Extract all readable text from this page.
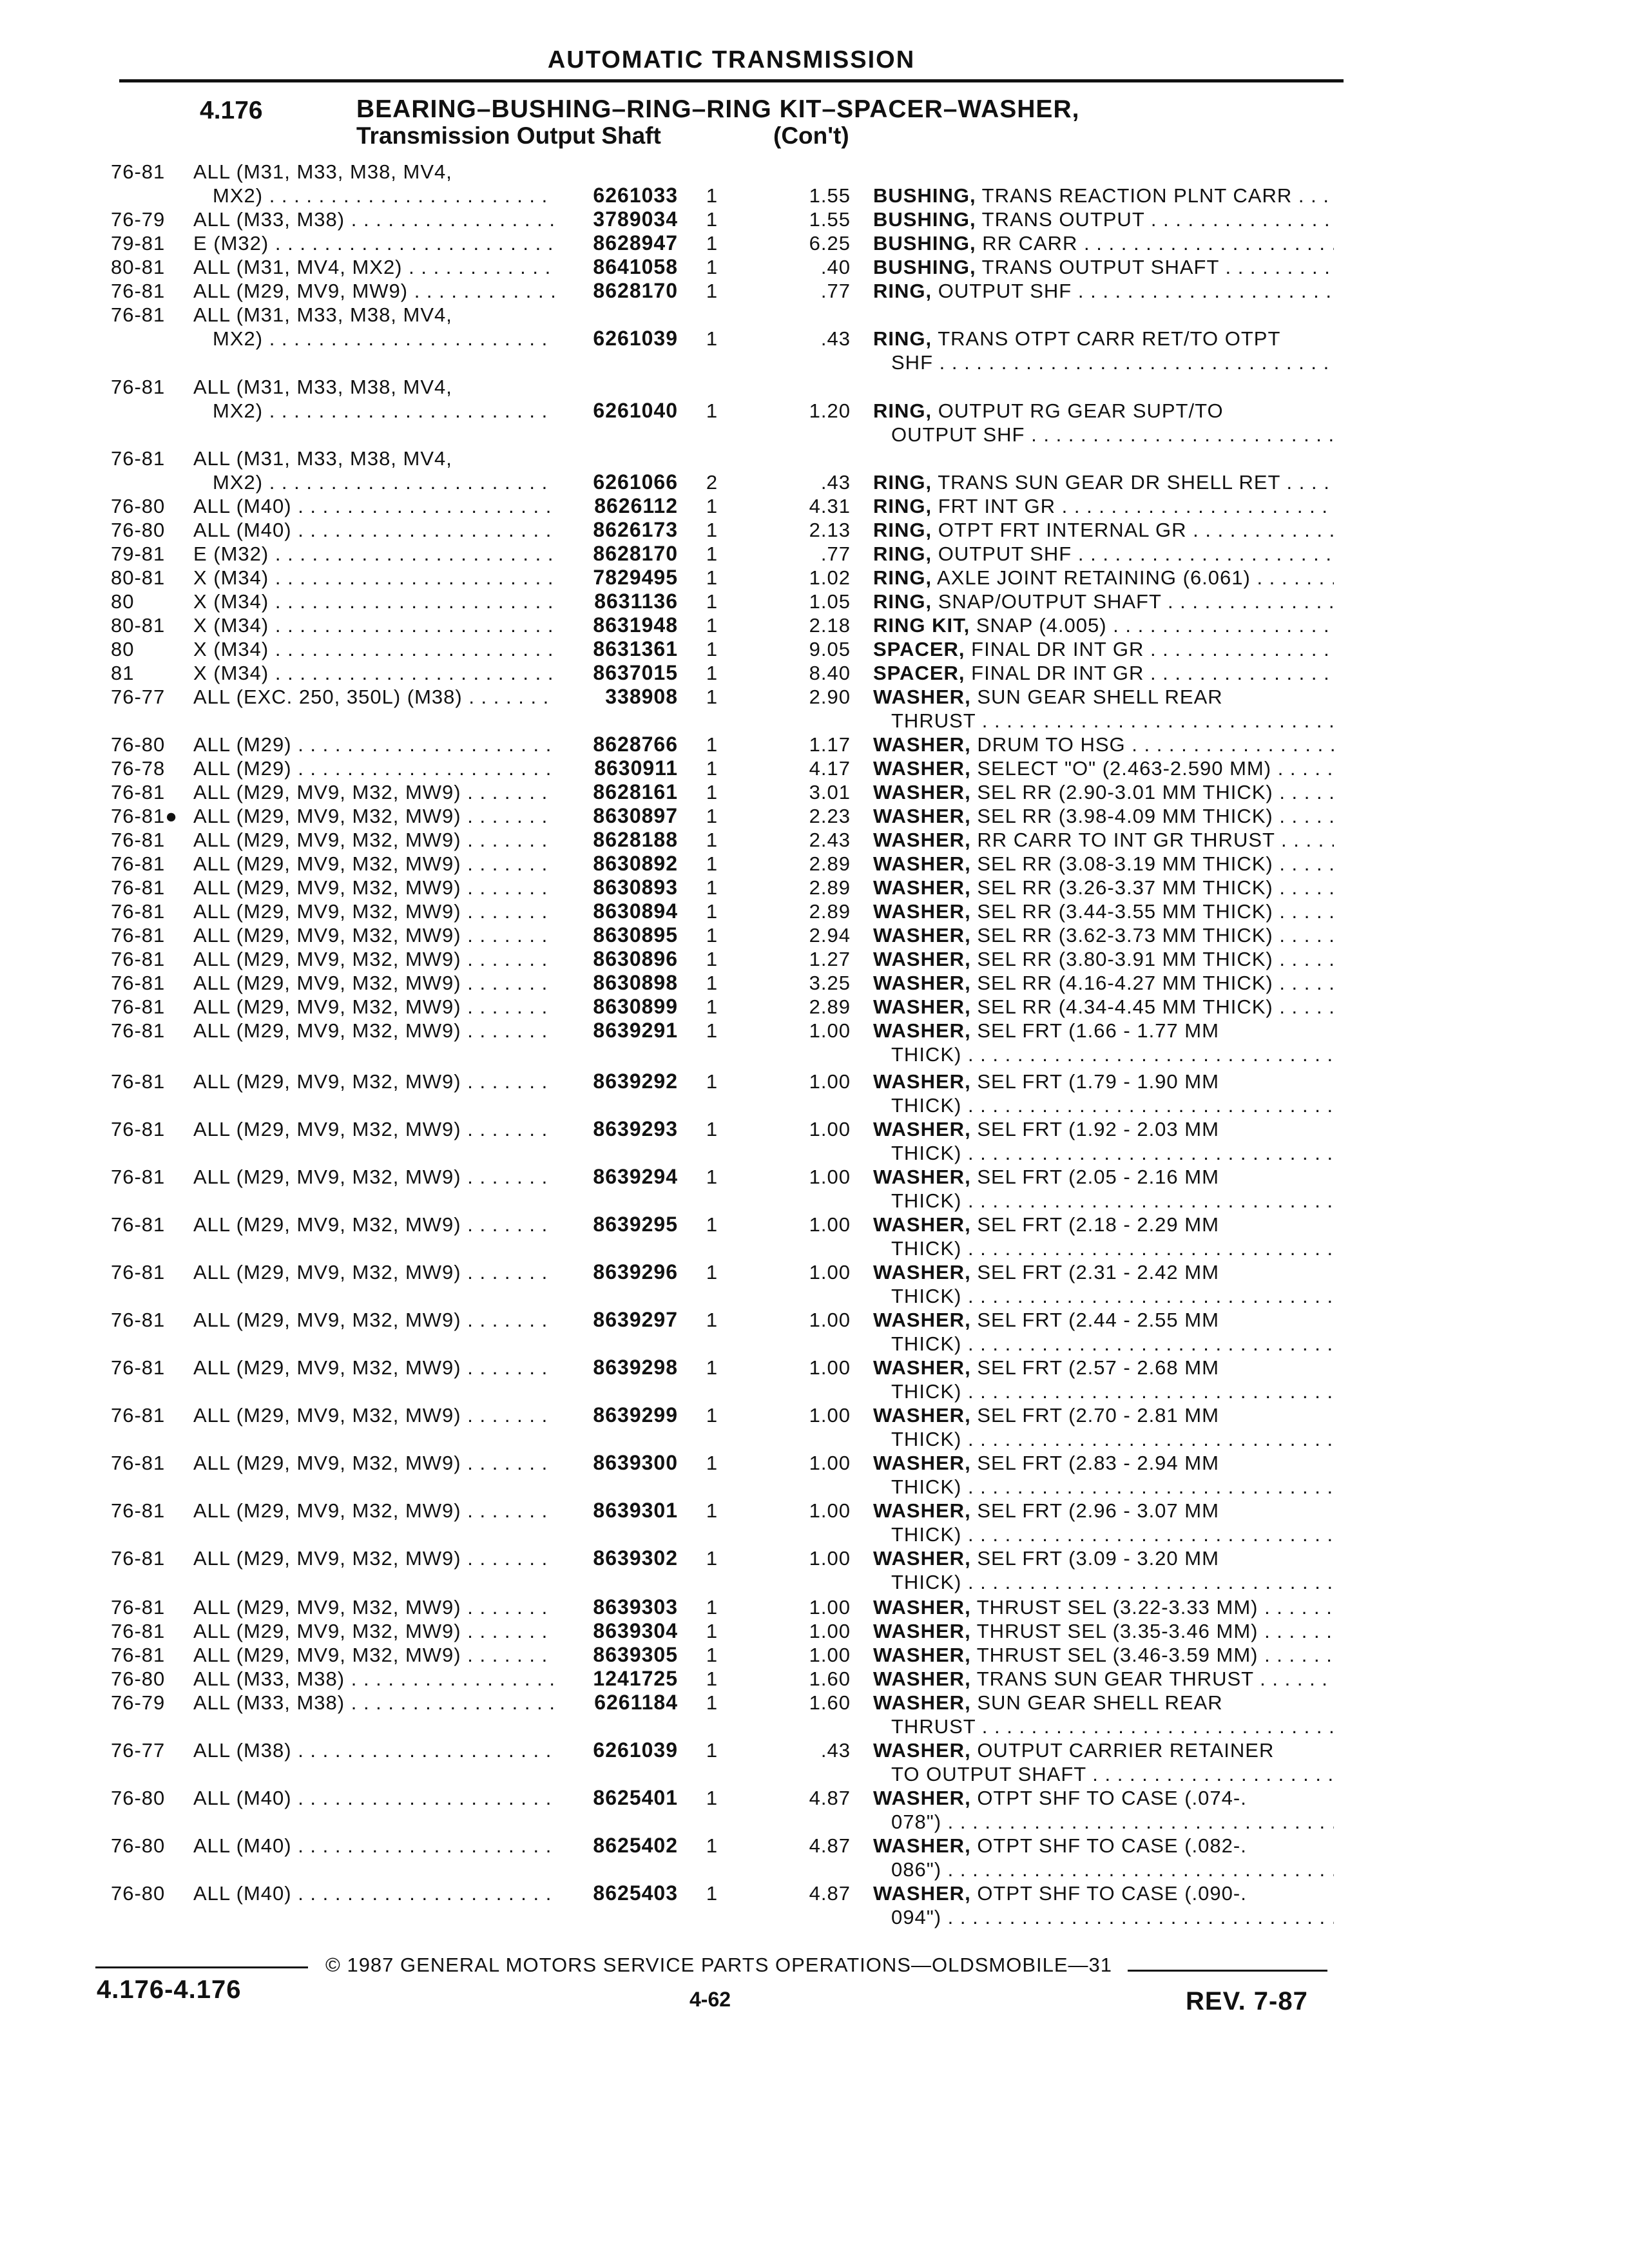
AUTOMATIC TRANSMISSION
4.176	BEARING–BUSHING–RING–RING KIT–SPACER–WASHER,
Transmission Output Shaft	(Con't)
76-81	ALL (M31, M33, M38, MV4,
MX2) . . .	6261033 1	1.55 BUSHING, TRANS REACTION PLNT CARR . . .
76-79	ALL (M33, M38) . . .	3789034 1	1.55 BUSHING, TRANS OUTPUT . . .
79-81	E (M32) . . .	8628947 1	6.25 BUSHING, RR CARR . . .
80-81	ALL (M31, MV4, MX2) . . .	8641058 1	.40 BUSHING, TRANS OUTPUT SHAFT . . .
76-81	ALL (M29, MV9, MW9) . . .	8628170 1	.77 RING, OUTPUT SHF . . .
76-81	ALL (M31, M33, M38, MV4,
MX2) . . .	6261039 1	.43 RING, TRANS OTPT CARR RET/TO OTPT
SHF . . .
76-81	ALL (M31, M33, M38, MV4,
MX2) . . .	6261040 1	1.20 RING, OUTPUT RG GEAR SUPT/TO
OUTPUT SHF . . .
76-81	ALL (M31, M33, M38, MV4,
MX2) . . .	6261066 2	.43 RING, TRANS SUN GEAR DR SHELL RET . . .
76-80	ALL (M40) . . .	8626112 1	4.31 RING, FRT INT GR . . .
76-80	ALL (M40) . . .	8626173 1	2.13 RING, OTPT FRT INTERNAL GR . . .
79-81	E (M32) . . .	8628170 1	.77 RING, OUTPUT SHF . . .
80-81	X (M34) . . .	7829495 1	1.02 RING, AXLE JOINT RETAINING (6.061) . . .
80	X (M34) . . .	8631136 1	1.05 RING, SNAP/OUTPUT SHAFT . . .
80-81	X (M34) . . .	8631948 1	2.18 RING KIT, SNAP (4.005) . . .
80	X (M34) . . .	8631361 1	9.05 SPACER, FINAL DR INT GR . . .
81	X (M34) . . .	8637015 1	8.40 SPACER, FINAL DR INT GR . . .
76-77	ALL (EXC. 250, 350L) (M38) . . .	338908 1	2.90 WASHER, SUN GEAR SHELL REAR
THRUST . . .
76-80	ALL (M29) . . .	8628766 1	1.17 WASHER, DRUM TO HSG . . .
76-78	ALL (M29) . . .	8630911 1	4.17 WASHER, SELECT "O" (2.463-2.590 MM) . . .
76-81	ALL (M29, MV9, M32, MW9) . . .	8628161 1	3.01 WASHER, SEL RR (2.90-3.01 MM THICK) . . .
76-81● ALL (M29, MV9, M32, MW9) . . .	8630897 1	2.23 WASHER, SEL RR (3.98-4.09 MM THICK) . . .
76-81	ALL (M29, MV9, M32, MW9) . . .	8628188 1	2.43 WASHER, RR CARR TO INT GR THRUST . . .
76-81	ALL (M29, MV9, M32, MW9) . . .	8630892 1	2.89 WASHER, SEL RR (3.08-3.19 MM THICK) . . .
76-81	ALL (M29, MV9, M32, MW9) . . .	8630893 1	2.89 WASHER, SEL RR (3.26-3.37 MM THICK) . . .
76-81	ALL (M29, MV9, M32, MW9) . . .	8630894 1	2.89 WASHER, SEL RR (3.44-3.55 MM THICK) . . .
76-81	ALL (M29, MV9, M32, MW9) . . .	8630895 1	2.94 WASHER, SEL RR (3.62-3.73 MM THICK) . . .
76-81	ALL (M29, MV9, M32, MW9) . . .	8630896 1	1.27 WASHER, SEL RR (3.80-3.91 MM THICK) . . .
76-81	ALL (M29, MV9, M32, MW9) . . .	8630898 1	3.25 WASHER, SEL RR (4.16-4.27 MM THICK) . . .
76-81	ALL (M29, MV9, M32, MW9) . . .	8630899 1	2.89 WASHER, SEL RR (4.34-4.45 MM THICK) . . .
76-81	ALL (M29, MV9, M32, MW9) . . .	8639291 1	1.00 WASHER, SEL FRT (1.66 - 1.77 MM
THICK) . . .
76-81	ALL (M29, MV9, M32, MW9) . . .	8639292 1	1.00 WASHER, SEL FRT (1.79 - 1.90 MM
THICK) . . .
76-81	ALL (M29, MV9, M32, MW9) . . .	8639293 1	1.00 WASHER, SEL FRT (1.92 - 2.03 MM
THICK) . . .
76-81	ALL (M29, MV9, M32, MW9) . . .	8639294 1	1.00 WASHER, SEL FRT (2.05 - 2.16 MM
THICK) . . .
76-81	ALL (M29, MV9, M32, MW9) . . .	8639295 1	1.00 WASHER, SEL FRT (2.18 - 2.29 MM
THICK) . . .
76-81	ALL (M29, MV9, M32, MW9) . . .	8639296 1	1.00 WASHER, SEL FRT (2.31 - 2.42 MM
THICK) . . .
76-81	ALL (M29, MV9, M32, MW9) . . .	8639297 1	1.00 WASHER, SEL FRT (2.44 - 2.55 MM
THICK) . . .
76-81	ALL (M29, MV9, M32, MW9) . . .	8639298 1	1.00 WASHER, SEL FRT (2.57 - 2.68 MM
THICK) . . .
76-81	ALL (M29, MV9, M32, MW9) . . .	8639299 1	1.00 WASHER, SEL FRT (2.70 - 2.81 MM
THICK) . . .
76-81	ALL (M29, MV9, M32, MW9) . . .	8639300 1	1.00 WASHER, SEL FRT (2.83 - 2.94 MM
THICK) . . .
76-81	ALL (M29, MV9, M32, MW9) . . .	8639301 1	1.00 WASHER, SEL FRT (2.96 - 3.07 MM
THICK) . . .
76-81	ALL (M29, MV9, M32, MW9) . . .	8639302 1	1.00 WASHER, SEL FRT (3.09 - 3.20 MM
THICK) . . .
76-81	ALL (M29, MV9, M32, MW9) . . .	8639303 1	1.00 WASHER, THRUST SEL (3.22-3.33 MM) . . .
76-81	ALL (M29, MV9, M32, MW9) . . .	8639304 1	1.00 WASHER, THRUST SEL (3.35-3.46 MM) . . .
76-81	ALL (M29, MV9, M32, MW9) . . .	8639305 1	1.00 WASHER, THRUST SEL (3.46-3.59 MM) . . .
76-80	ALL (M33, M38) . . .	1241725 1	1.60 WASHER, TRANS SUN GEAR THRUST . . .
76-79	ALL (M33, M38) . . .	6261184 1	1.60 WASHER, SUN GEAR SHELL REAR
THRUST . . .
76-77	ALL (M38) . . .	6261039 1	.43 WASHER, OUTPUT CARRIER RETAINER
TO OUTPUT SHAFT . . .
76-80	ALL (M40) . . .	8625401 1	4.87 WASHER, OTPT SHF TO CASE (.074-.
078") . . .
76-80	ALL (M40) . . .	8625402 1	4.87 WASHER, OTPT SHF TO CASE (.082-.
086") . . .
76-80	ALL (M40) . . .	8625403 1	4.87 WASHER, OTPT SHF TO CASE (.090-.
094") . . .
© 1987 GENERAL MOTORS SERVICE PARTS OPERATIONS—OLDSMOBILE—31
4.176-4.176	4-62	REV. 7-87
